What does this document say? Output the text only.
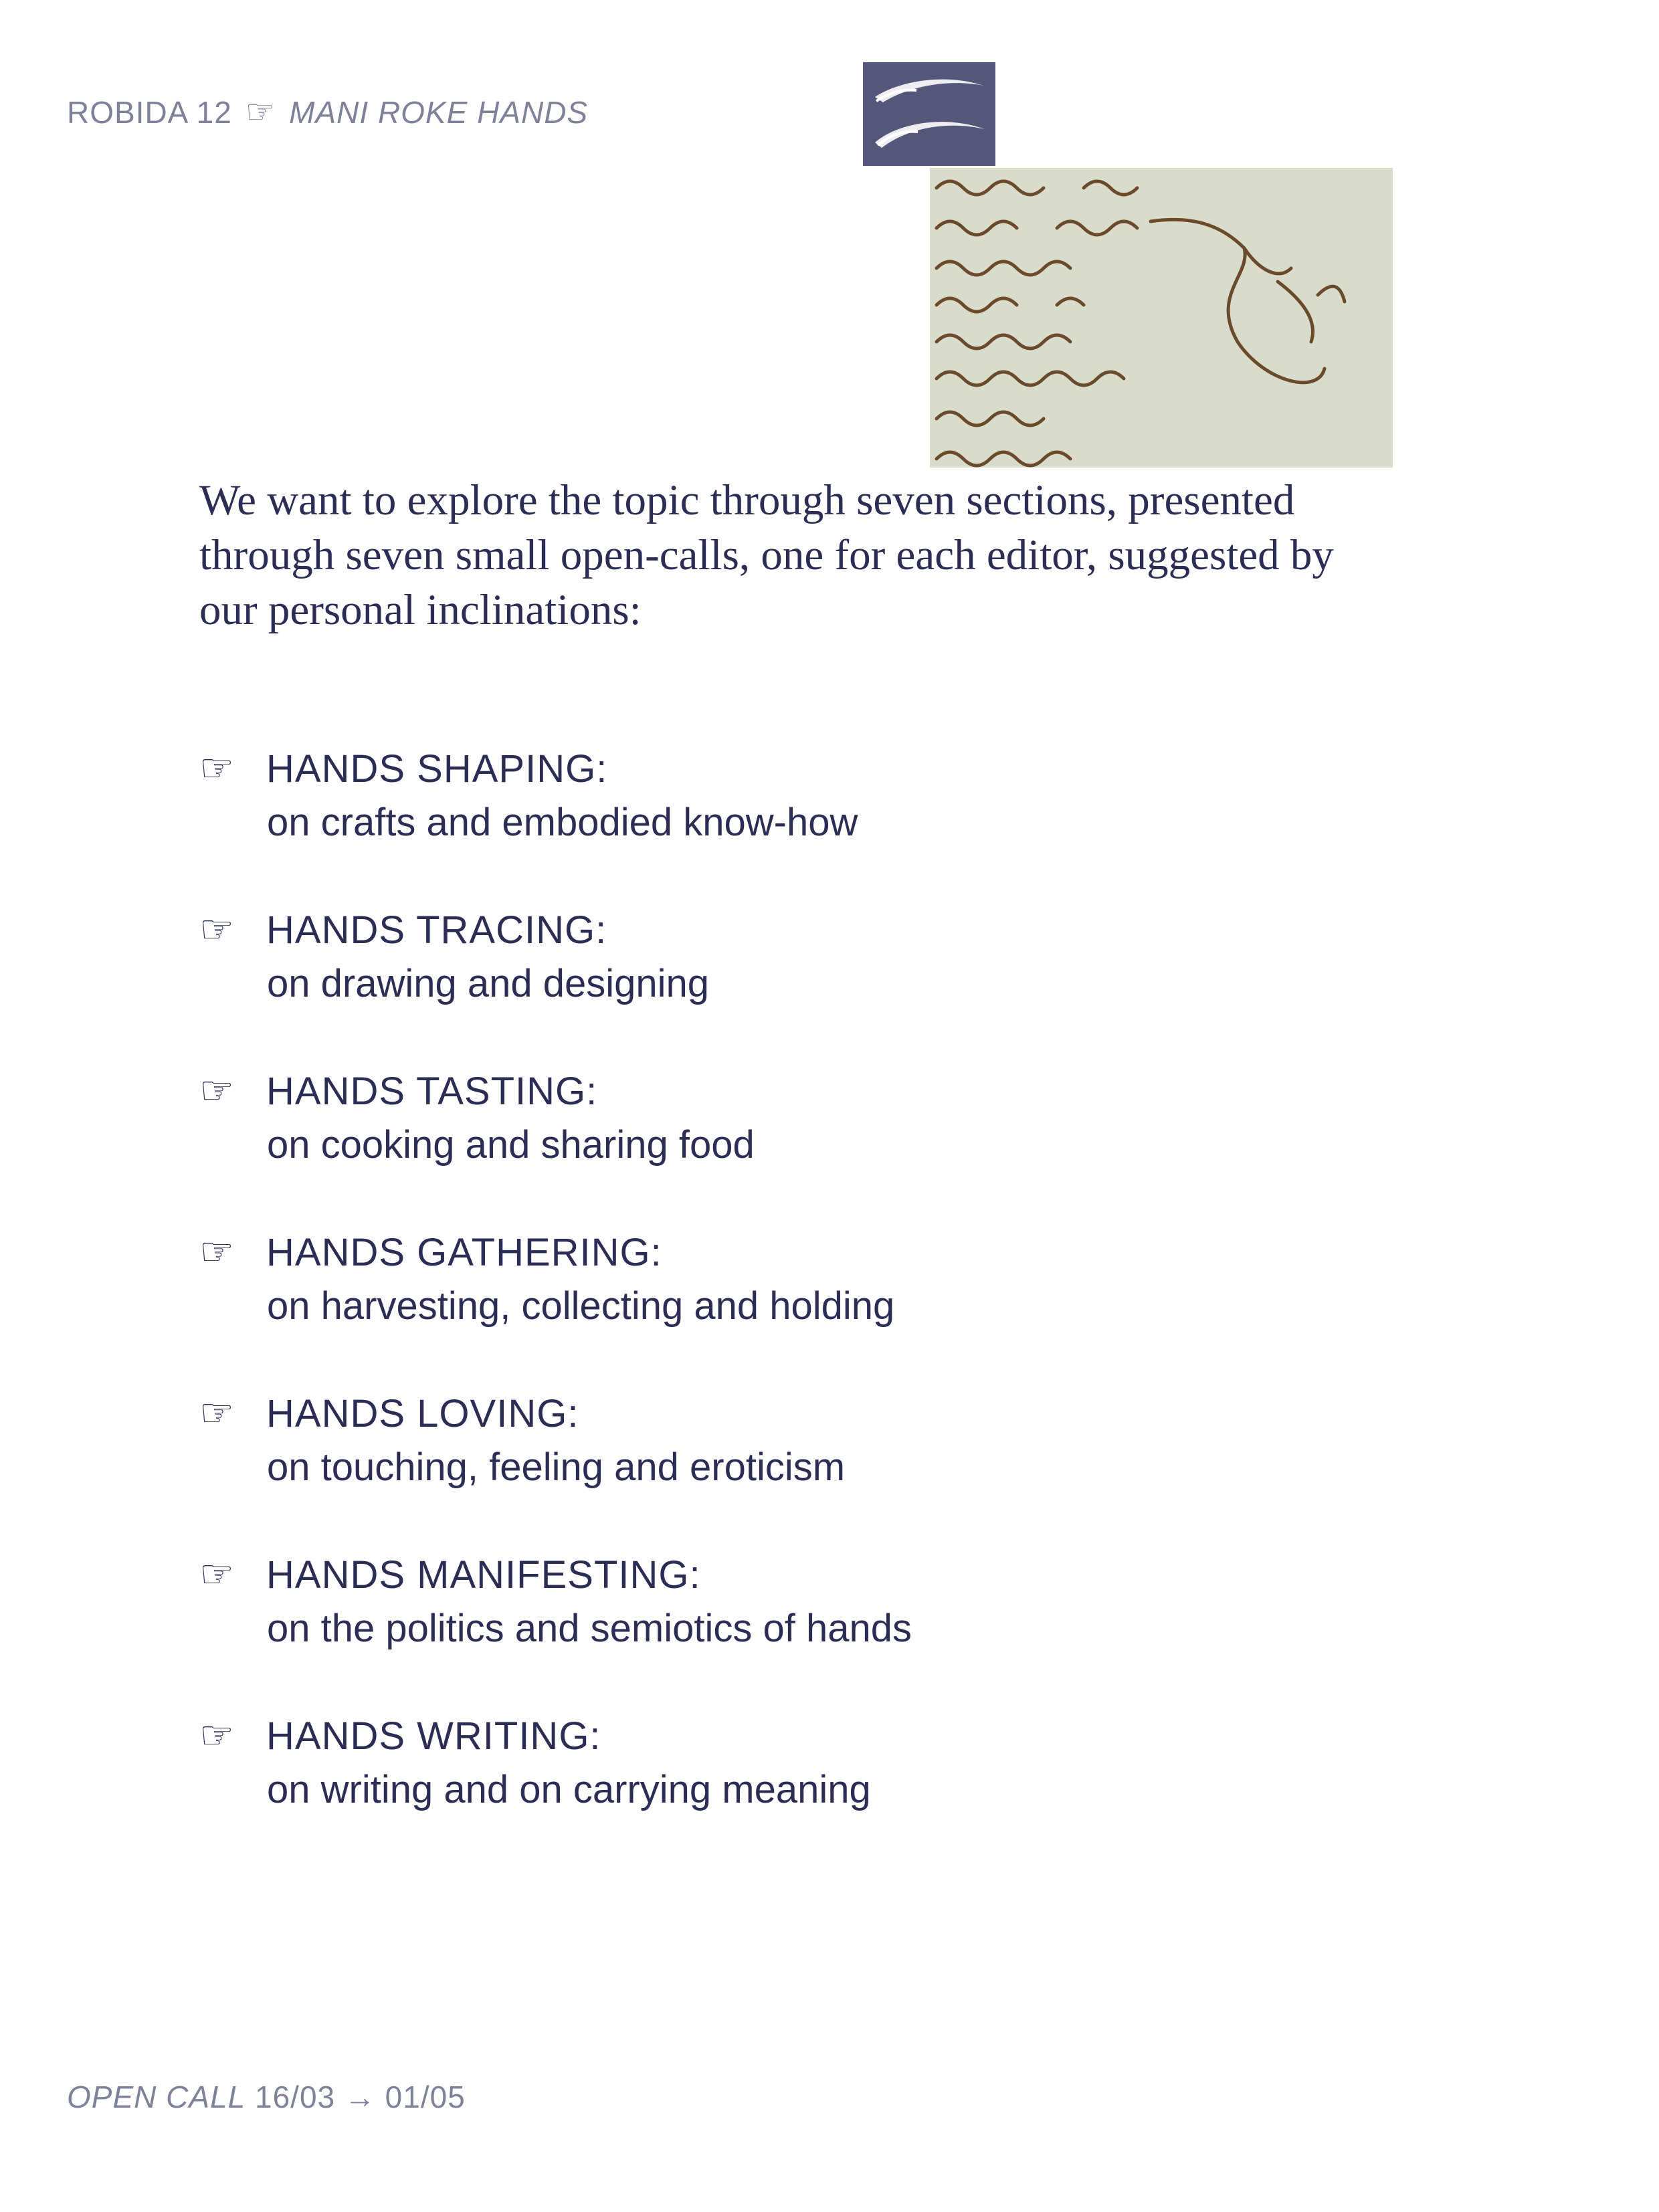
ROBIDA 12 ☞ MANI ROKE HANDS
We want to explore the topic through seven sections, presented through seven small open-calls, one for each editor, suggested by our personal inclinations:
☞ HANDS SHAPING:
on crafts and embodied know-how
☞ HANDS TRACING:
on drawing and designing
☞ HANDS TASTING:
on cooking and sharing food
☞ HANDS GATHERING:
on harvesting, collecting and holding
☞ HANDS LOVING:
on touching, feeling and eroticism
☞ HANDS MANIFESTING:
on the politics and semiotics of hands
☞ HANDS WRITING:
on writing and on carrying meaning
OPEN CALL 16/03 → 01/05
